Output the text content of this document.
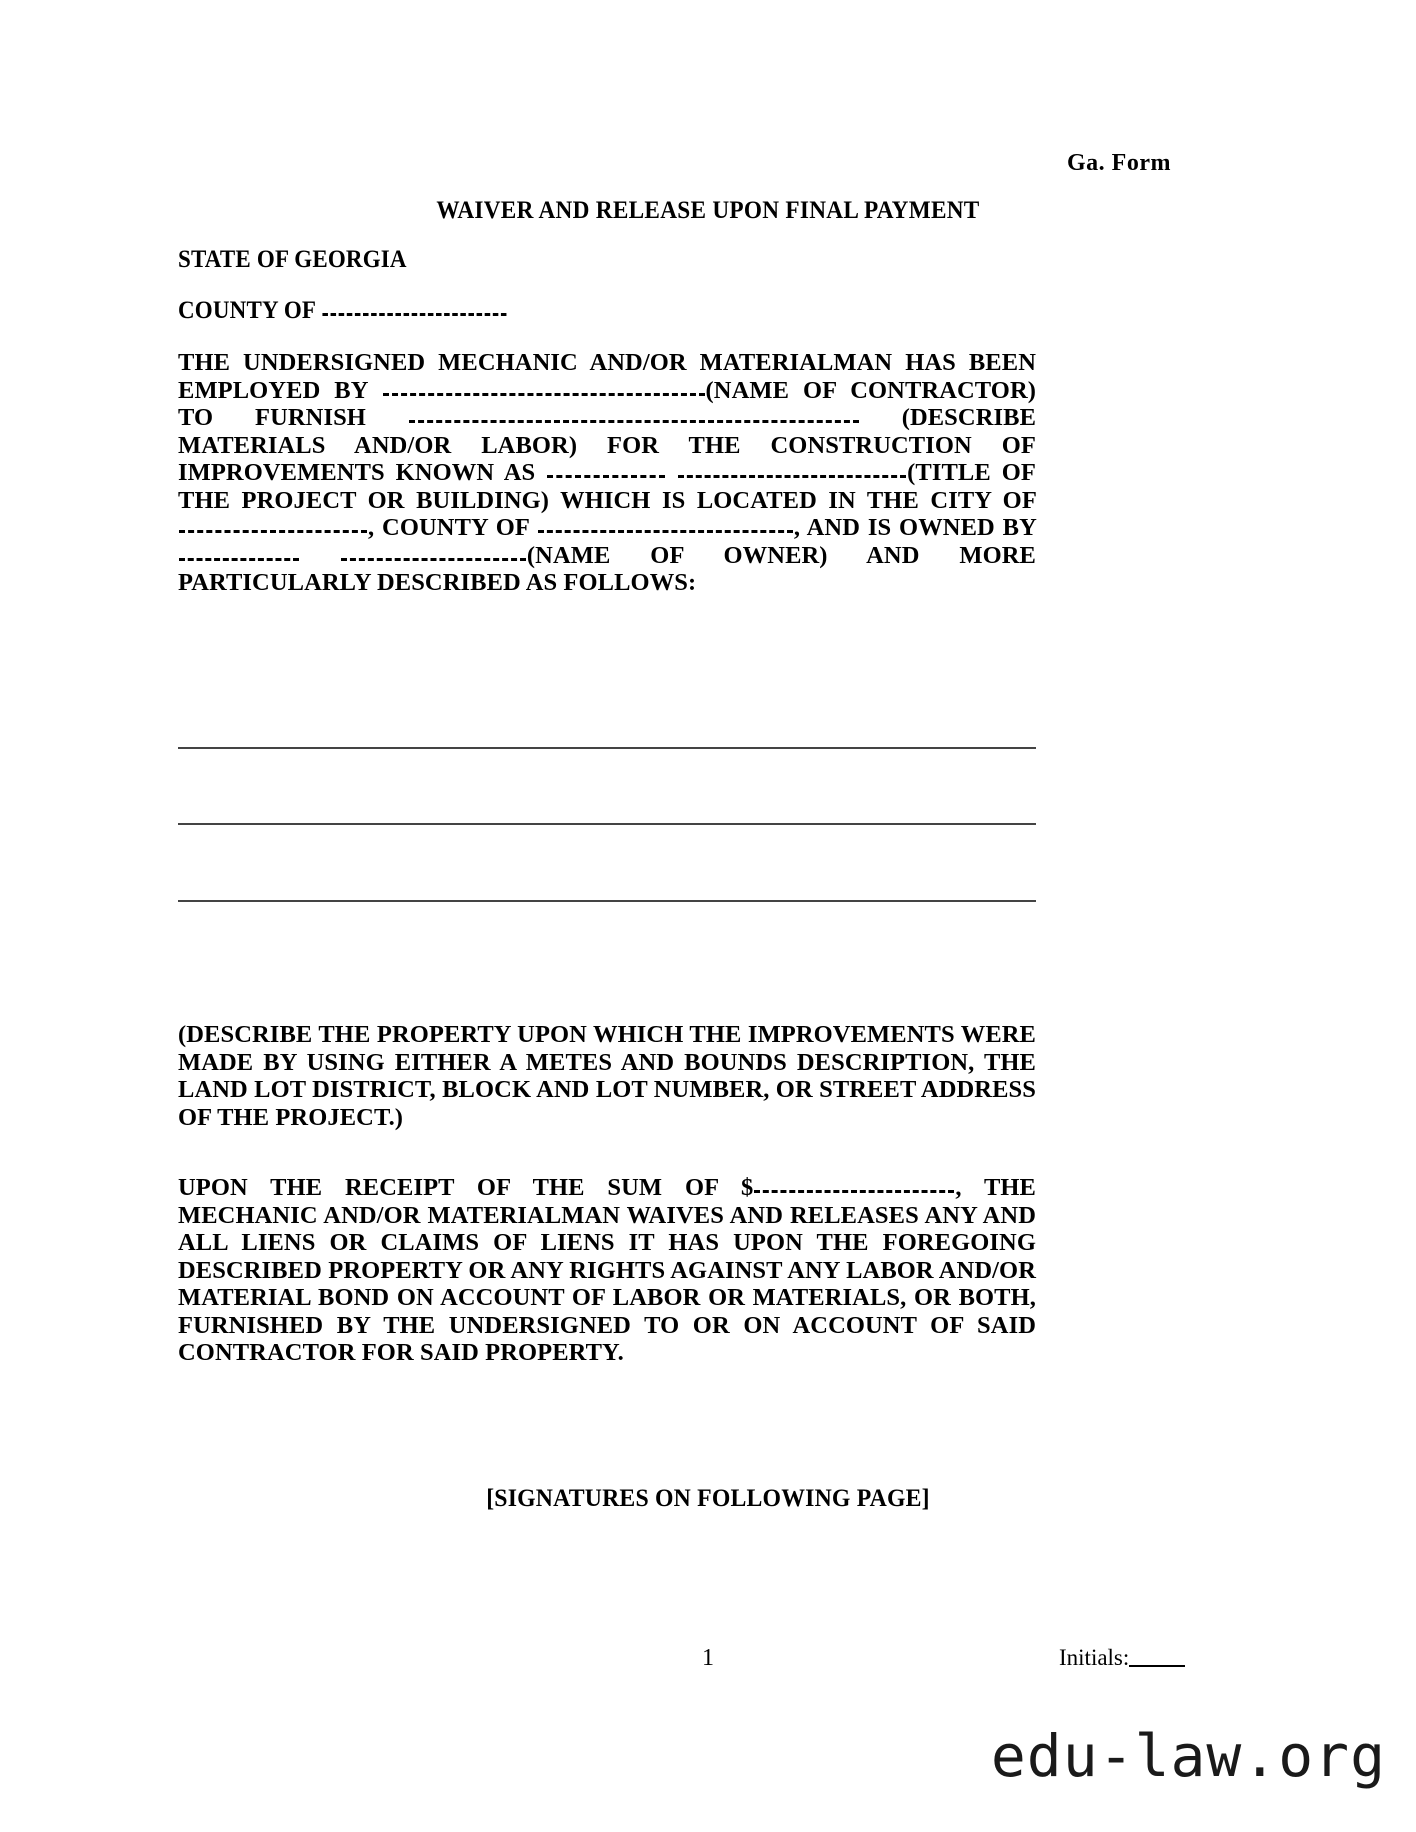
Ga. Form
WAIVER AND RELEASE UPON FINAL PAYMENT
STATE OF GEORGIA
COUNTY OF

THE UNDERSIGNED MECHANIC AND/OR MATERIALMAN HAS BEEN EMPLOYED BY	(NAME OF CONTRACTOR) TO FURNISH	(DESCRIBE MATERIALS AND/OR LABOR) FOR THE CONSTRUCTION OF IMPROVEMENTS KNOWN AS	(TITLE OF THE PROJECT OR BUILDING) WHICH IS LOCATED IN THE CITY OF , COUNTY OF	, AND IS OWNED BY  (NAME OF OWNER) AND MORE PARTICULARLY DESCRIBED AS FOLLOWS:

(DESCRIBE THE PROPERTY UPON WHICH THE IMPROVEMENTS WERE MADE BY USING EITHER A METES AND BOUNDS DESCRIPTION, THE LAND LOT DISTRICT, BLOCK AND LOT NUMBER, OR STREET ADDRESS OF THE PROJECT.)

UPON THE RECEIPT OF THE SUM OF $	, THE MECHANIC AND/OR MATERIALMAN WAIVES AND RELEASES ANY AND ALL LIENS OR CLAIMS OF LIENS IT HAS UPON THE FOREGOING DESCRIBED PROPERTY OR ANY RIGHTS AGAINST ANY LABOR AND/OR MATERIAL BOND ON ACCOUNT OF LABOR OR MATERIALS, OR BOTH, FURNISHED BY THE UNDERSIGNED TO OR ON ACCOUNT OF SAID CONTRACTOR FOR SAID PROPERTY.

[SIGNATURES ON FOLLOWING PAGE]
1	Initials:
edu-law.org
